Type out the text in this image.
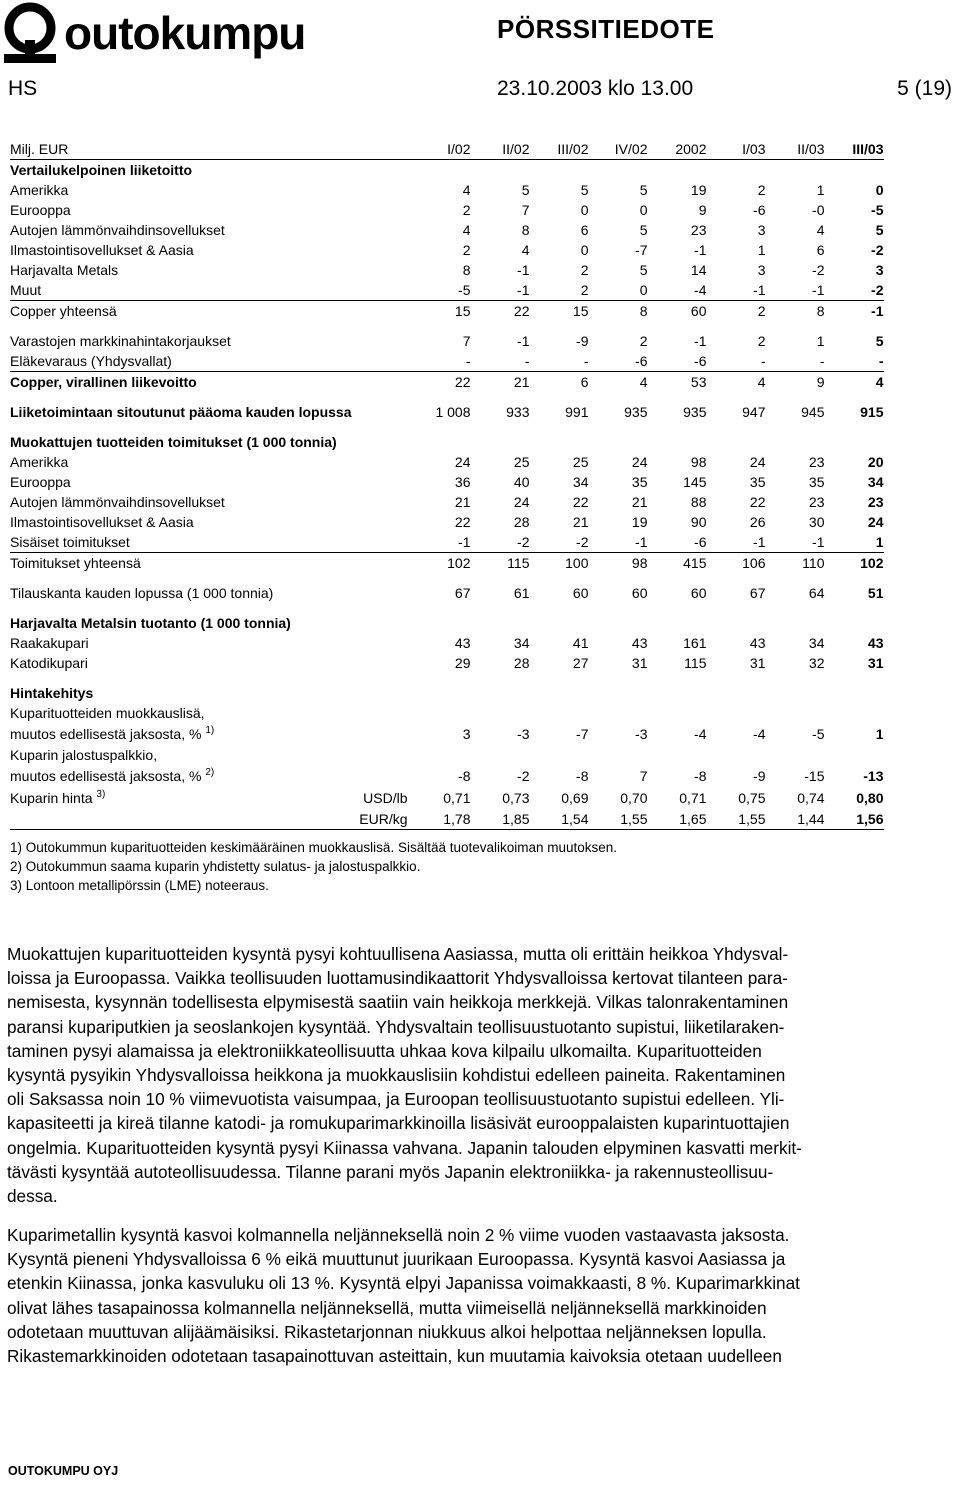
outokumpu	PÖRSSITIEDOTE
HS	23.10.2003 klo 13.00	5 (19)
Milj. EUR		I/02	II/02	III/02	IV/02	2002	I/03	II/03	III/03
Vertailukelpoinen liiketoitto									
Amerikka		4	5	5	5	19	2	1	0
Eurooppa		2	7	0	0	9	-6	-0	-5
Autojen lämmönvaihdinsovellukset		4	8	6	5	23	3	4	5
Ilmastointisovellukset & Aasia		2	4	0	-7	-1	1	6	-2
Harjavalta Metals		8	-1	2	5	14	3	-2	3
Muut		-5	-1	2	0	-4	-1	-1	-2
Copper yhteensä		15	22	15	8	60	2	8	-1

Varastojen markkinahintakorjaukset		7	-1	-9	2	-1	2	1	5
Eläkevaraus (Yhdysvallat)		-	-	-	-6	-6	-	-	-
Copper, virallinen liikevoitto		22	21	6	4	53	4	9	4

Liiketoimintaan sitoutunut pääoma kauden lopussa		1 008	933	991	935	935	947	945	915

Muokattujen tuotteiden toimitukset (1 000 tonnia)									
Amerikka		24	25	25	24	98	24	23	20
Eurooppa		36	40	34	35	145	35	35	34
Autojen lämmönvaihdinsovellukset		21	24	22	21	88	22	23	23
Ilmastointisovellukset & Aasia		22	28	21	19	90	26	30	24
Sisäiset toimitukset		-1	-2	-2	-1	-6	-1	-1	1
Toimitukset yhteensä		102	115	100	98	415	106	110	102

Tilauskanta kauden lopussa (1 000 tonnia)		67	61	60	60	60	67	64	51

Harjavalta Metalsin tuotanto (1 000 tonnia)									
Raakakupari		43	34	41	43	161	43	34	43
Katodikupari		29	28	27	31	115	31	32	31

Hintakehitys									
Kuparituotteiden muokkauslisä,									
muutos edellisestä jaksosta, % $^{1)}$		3	-3	-7	-3	-4	-4	-5	1
Kuparin jalostuspalkkio,									
muutos edellisestä jaksosta, % $^{2)}$		-8	-2	-8	7	-8	-9	-15	-13
Kuparin hinta $^{3)}$	USD/lb	0,71	0,73	0,69	0,70	0,71	0,75	0,74	0,80
	EUR/kg	1,78	1,85	1,54	1,55	1,65	1,55	1,44	1,56
1) Outokummun kuparituotteiden keskimääräinen muokkauslisä. Sisältää tuotevalikoiman muutoksen.
2) Outokummun saama kuparin yhdistetty sulatus- ja jalostuspalkkio.
3) Lontoon metallipörssin (LME) noteeraus.
Muokattujen kuparituotteiden kysyntä pysyi kohtuullisena Aasiassa, mutta oli erittäin heikkoa Yhdysval-
loissa ja Euroopassa. Vaikka teollisuuden luottamusindikaattorit Yhdysvalloissa kertovat tilanteen para-
nemisesta, kysynnän todellisesta elpymisestä saatiin vain heikkoja merkkejä. Vilkas talonrakentaminen
paransi kupariputkien ja seoslankojen kysyntää. Yhdysvaltain teollisuustuotanto supistui, liiketilaraken-
taminen pysyi alamaissa ja elektroniikkateollisuutta uhkaa kova kilpailu ulkomailta. Kuparituotteiden
kysyntä pysyikin Yhdysvalloissa heikkona ja muokkauslisiin kohdistui edelleen paineita. Rakentaminen
oli Saksassa noin 10 % viimevuotista vaisumpaa, ja Euroopan teollisuustuotanto supistui edelleen. Yli-
kapasiteetti ja kireä tilanne katodi- ja romukuparimarkkinoilla lisäsivät eurooppalaisten kuparintuottajien
ongelmia. Kuparituotteiden kysyntä pysyi Kiinassa vahvana. Japanin talouden elpyminen kasvatti merkit-
tävästi kysyntää autoteollisuudessa. Tilanne parani myös Japanin elektroniikka- ja rakennusteollisuu-
dessa.
Kuparimetallin kysyntä kasvoi kolmannella neljänneksellä noin 2 % viime vuoden vastaavasta jaksosta.
Kysyntä pieneni Yhdysvalloissa 6 % eikä muuttunut juurikaan Euroopassa. Kysyntä kasvoi Aasiassa ja
etenkin Kiinassa, jonka kasvuluku oli 13 %. Kysyntä elpyi Japanissa voimakkaasti, 8 %. Kuparimarkkinat
olivat lähes tasapainossa kolmannella neljänneksellä, mutta viimeisellä neljänneksellä markkinoiden
odotetaan muuttuvan alijäämäisiksi. Rikastetarjonnan niukkuus alkoi helpottaa neljänneksen lopulla.
Rikastemarkkinoiden odotetaan tasapainottuvan asteittain, kun muutamia kaivoksia otetaan uudelleen
OUTOKUMPU OYJ
